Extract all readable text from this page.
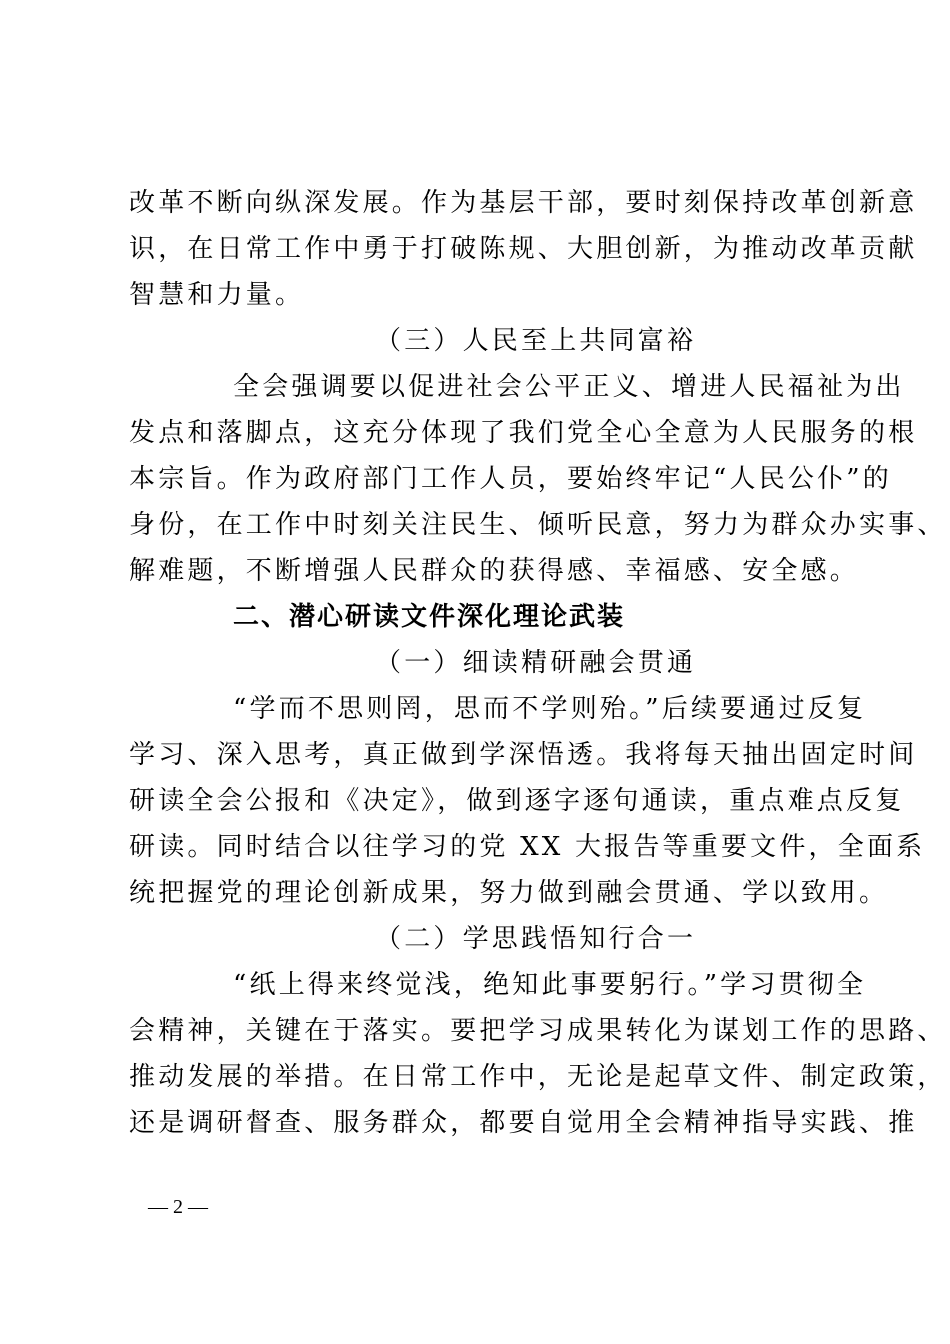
改革不断向纵深发展。作为基层干部，要时刻保持改革创新意
识，在日常工作中勇于打破陈规、大胆创新，为推动改革贡献
智慧和力量。
（三）人民至上共同富裕
全会强调要以促进社会公平正义、增进人民福祉为出
发点和落脚点，这充分体现了我们党全心全意为人民服务的根
本宗旨。作为政府部门工作人员，要始终牢记“人民公仆”的
身份，在工作中时刻关注民生、倾听民意，努力为群众办实事、
解难题，不断增强人民群众的获得感、幸福感、安全感。
二、潜心研读文件深化理论武装
（一）细读精研融会贯通
“学而不思则罔，思而不学则殆。”后续要通过反复
学习、深入思考，真正做到学深悟透。我将每天抽出固定时间
研读全会公报和《决定》，做到逐字逐句通读，重点难点反复
研读。同时结合以往学习的党 XX 大报告等重要文件，全面系
统把握党的理论创新成果，努力做到融会贯通、学以致用。
（二）学思践悟知行合一
“纸上得来终觉浅，绝知此事要躬行。”学习贯彻全
会精神，关键在于落实。要把学习成果转化为谋划工作的思路、
推动发展的举措。在日常工作中，无论是起草文件、制定政策，
还是调研督查、服务群众，都要自觉用全会精神指导实践、推
— 2 —
